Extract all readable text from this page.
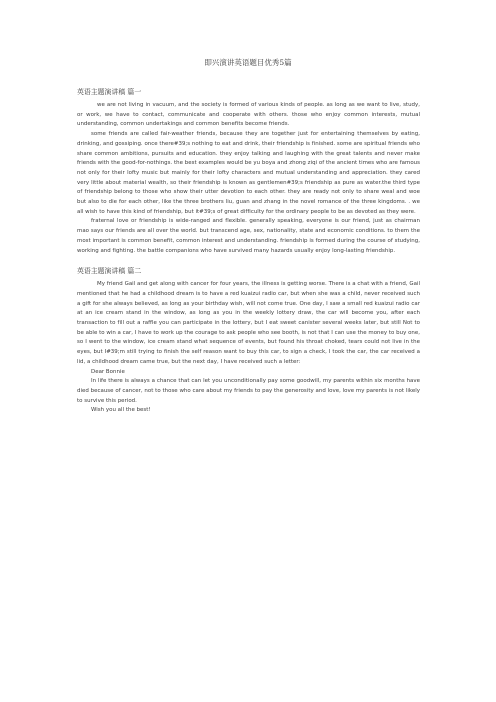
即兴演讲英语题目优秀5篇
英语主题演讲稿 篇一

we are not living in vacuum, and the society is formed of various kinds of people. as long as we want to live, study, or work, we have to contact, communicate and cooperate with others. those who enjoy common interests, mutual understanding, common undertakings and common benefits become friends.

some friends are called fair-weather friends, because they are together just for entertaining themselves by eating, drinking, and gossiping. once there#39;s nothing to eat and drink, their friendship is finished. some are spiritual friends who share common ambitions, pursuits and education. they enjoy talking and laughing with the great talents and never make friends with the good-for-nothings. the best examples would be yu boya and zhong ziqi of the ancient times who are famous not only for their lofty music but mainly for their lofty characters and mutual understanding and appreciation. they cared very little about material wealth, so their friendship is known as gentlemen#39;s friendship as pure as water.the third type of friendship belong to those who show their utter devotion to each other. they are ready not only to share weal and woe but also to die for each other, like the three brothers liu, guan and zhang in the novel romance of the three kingdoms. . we all wish to have this kind of friendship, but it#39;s of great difficulty for the ordinary people to be as devoted as they were.

fraternal love or friendship is wide-ranged and flexible. generally speaking, everyone is our friend, just as chairman mao says our friends are all over the world. but transcend age, sex, nationality, state and economic conditions. to them the most important is common benefit, common interest and understanding. friendship is formed during the course of studying, working and fighting. the battle companions who have survived many hazards usually enjoy long-lasting friendship.

英语主题演讲稿 篇二

My friend Gail and get along with cancer for four years, the illness is getting worse. There is a chat with a friend, Gail mentioned that he had a childhood dream is to have a red kuaizui radio car, but when she was a child, never received such a gift for she always believed, as long as your birthday wish, will not come true. One day, I saw a small red kuaizui radio car at an ice cream stand in the window, as long as you in the weekly lottery draw, the car will become you, after each transaction to fill out a raffle you can participate in the lottery, but I eat sweet canister several weeks later, but still Not to be able to win a car, I have to work up the courage to ask people who see booth, is not that I can use the money to buy one, so I went to the window, ice cream stand what sequence of events, but found his throat choked, tears could not live in the eyes, but I#39;m still trying to finish the self reason want to buy this car, to sign a check, I took the car, the car received a lid, a childhood dream came true, but the next day, I have received such a letter:

Dear Bonnie

In life there is always a chance that can let you unconditionally pay some goodwill, my parents within six months have died because of cancer, not to those who care about my friends to pay the generosity and love, love my parents is not likely to survive this period.

Wish you all the best!
